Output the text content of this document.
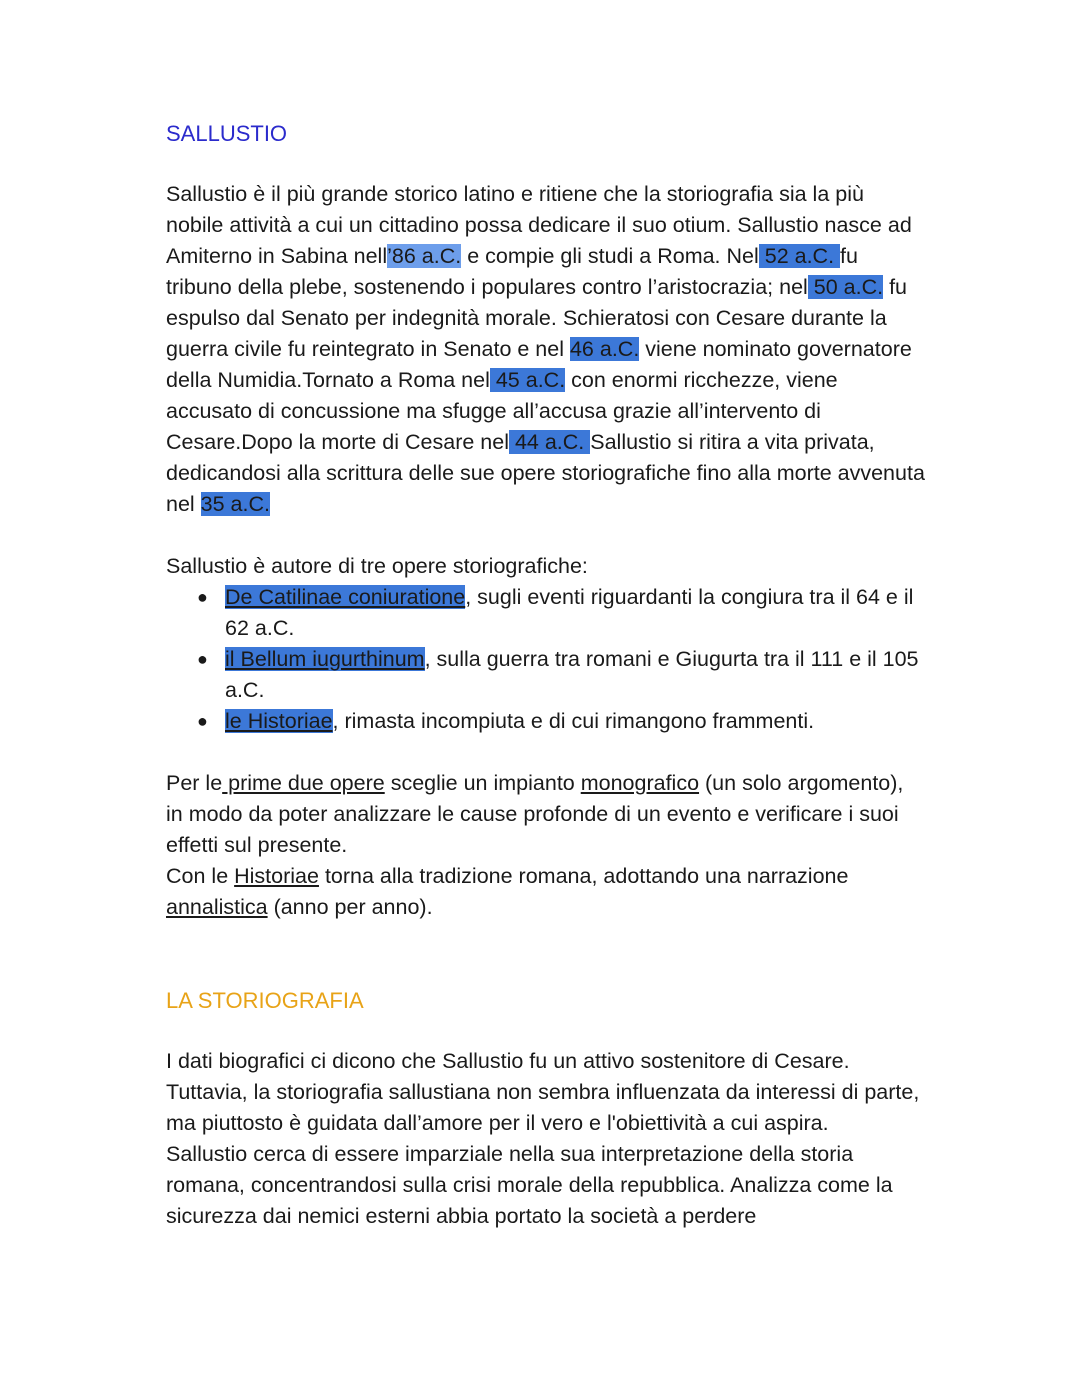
SALLUSTIO

Sallustio è il più grande storico latino e ritiene che la storiografia sia la più nobile attività a cui un cittadino possa dedicare il suo otium. Sallustio nasce ad Amiterno in Sabina nell’86 a.C. e compie gli studi a Roma. Nel 52 a.C. fu tribuno della plebe, sostenendo i populares contro l’aristocrazia; nel 50 a.C. fu espulso dal Senato per indegnità morale. Schieratosi con Cesare durante la guerra civile fu reintegrato in Senato e nel 46 a.C. viene nominato governatore della Numidia.Tornato a Roma nel 45 a.C. con enormi ricchezze, viene accusato di concussione ma sfugge all’accusa grazie all’intervento di Cesare.Dopo la morte di Cesare nel 44 a.C. Sallustio si ritira a vita privata, dedicandosi alla scrittura delle sue opere storiografiche fino alla morte avvenuta nel 35 a.C.

Sallustio è autore di tre opere storiografiche:

● De Catilinae coniuratione, sugli eventi riguardanti la congiura tra il 64 e il 62 a.C.
● il Bellum iugurthinum, sulla guerra tra romani e Giugurta tra il 111 e il 105 a.C.
● le Historiae, rimasta incompiuta e di cui rimangono frammenti.

Per le prime due opere sceglie un impianto monografico (un solo argomento), in modo da poter analizzare le cause profonde di un evento e verificare i suoi effetti sul presente.

Con le Historiae torna alla tradizione romana, adottando una narrazione annalistica (anno per anno).

LA STORIOGRAFIA

I dati biografici ci dicono che Sallustio fu un attivo sostenitore di Cesare. Tuttavia, la storiografia sallustiana non sembra influenzata da interessi di parte, ma piuttosto è guidata dall’amore per il vero e l'obiettività a cui aspira.

Sallustio cerca di essere imparziale nella sua interpretazione della storia romana, concentrandosi sulla crisi morale della repubblica. Analizza come la sicurezza dai nemici esterni abbia portato la società a perdere
